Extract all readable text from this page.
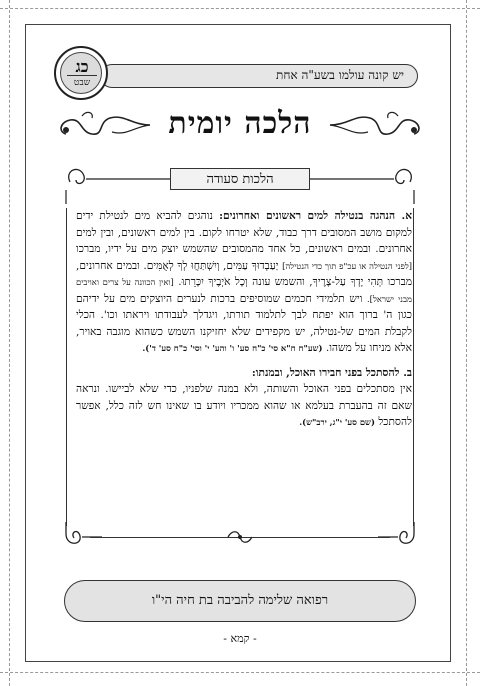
יש קונה עולמו בשע"ה אחת
כג
שבט
הלכה יומית
הלכות סעודה

א. הנהגה בנטילה למים ראשונים ואחרונים: נוהגים להביא מים לנטילת ידים למקום מושב המסובים דרך כבוד, שלא יטרחו לקום. בין למים ראשונים, ובין למים אחרונים. ובמים ראשונים, כל אחד מהמסובים שהשמש יוצק מים על ידיו, מברכו [לפני הנטילה או עכ"פ תוך כדי הנטילה] יַעַבְדוּךָ עַמִּים, וְיִשְׁתַּחֲוּ לְךָ לְאֻמִּים. ובמים אחרונים, מברכו תְּהִי יָדְךָ עַל-צָרֶיךָ, והשמש עונה וְכָל אֹיְבֶיךָ יִכָּרֵתוּ. [ואין הכוונה על צרים ואויבים מבני ישראל]. ויש תלמידי חכמים שמוסיפים ברכות לנערים היוצקים מים על ידיהם כגון ה' ברוך הוא יפתח לבך לתלמוד תורתו, ויגדלך לעבודתו ויראתו וכו'. הכלי לקבלת המים של-נטילה, יש מקפידים שלא יחזיקנו השמש כשהוא מוגבה באויר, אלא מניחו על משהו. (שע"ח ח"א סי' כ"ח סע' ו' והע' י' וסי' כ"ח סע' ד').

ב. להסתכל בפני חבירו האוכל, ובמנתו:
אין מסתכלים בפני האוכל והשותה, ולא במנה שלפניו, כדי שלא לביישו. ונראה שאם זה בהעברת בעלמא או שהוא ממכריו ויודע בו שאינו חש לזה כלל, אפשר להסתכל (שם סע' י"ג, ירב"ש).

רפואה שלימה להביבה בת חיה הי"ו
- קמא -
